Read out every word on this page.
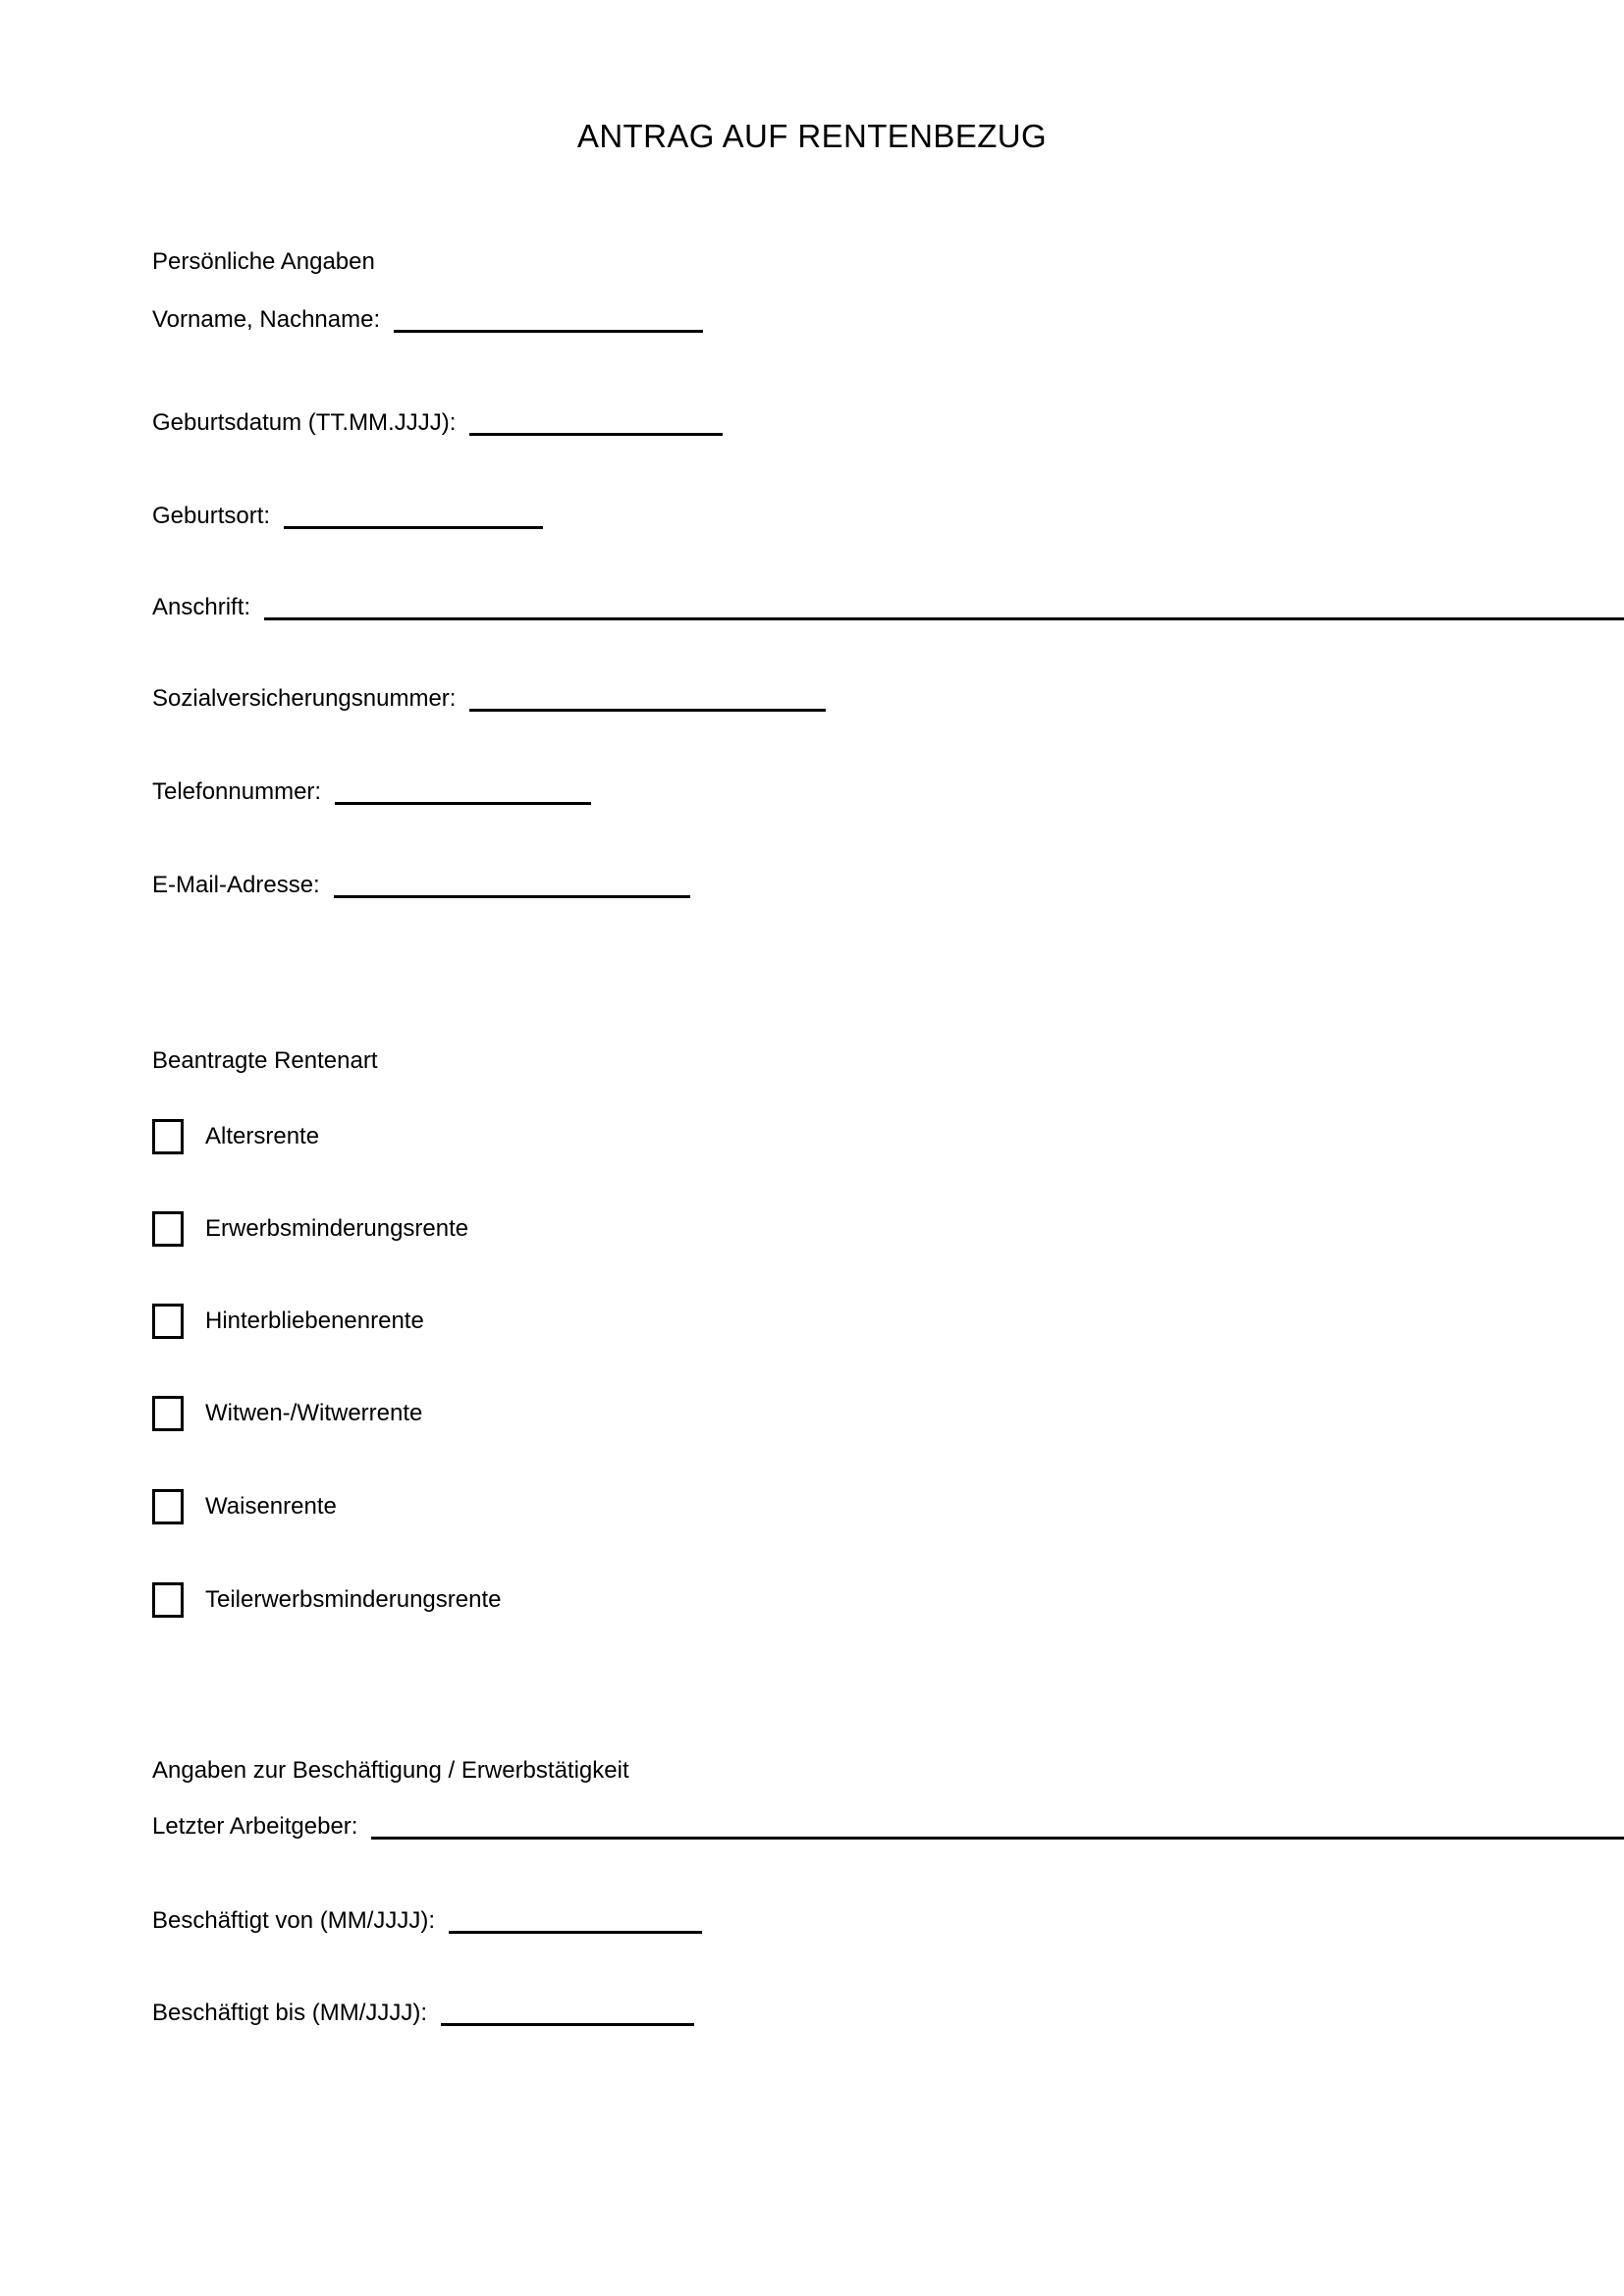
ANTRAG AUF RENTENBEZUG
Persönliche Angaben
Vorname, Nachname:
Geburtsdatum (TT.MM.JJJJ):
Geburtsort:
Anschrift:
Sozialversicherungsnummer:
Telefonnummer:
E-Mail-Adresse:
Beantragte Rentenart
Altersrente
Erwerbsminderungsrente
Hinterbliebenenrente
Witwen-/Witwerrente
Waisenrente
Teilerwerbsminderungsrente
Angaben zur Beschäftigung / Erwerbstätigkeit
Letzter Arbeitgeber:
Beschäftigt von (MM/JJJJ):
Beschäftigt bis (MM/JJJJ):
